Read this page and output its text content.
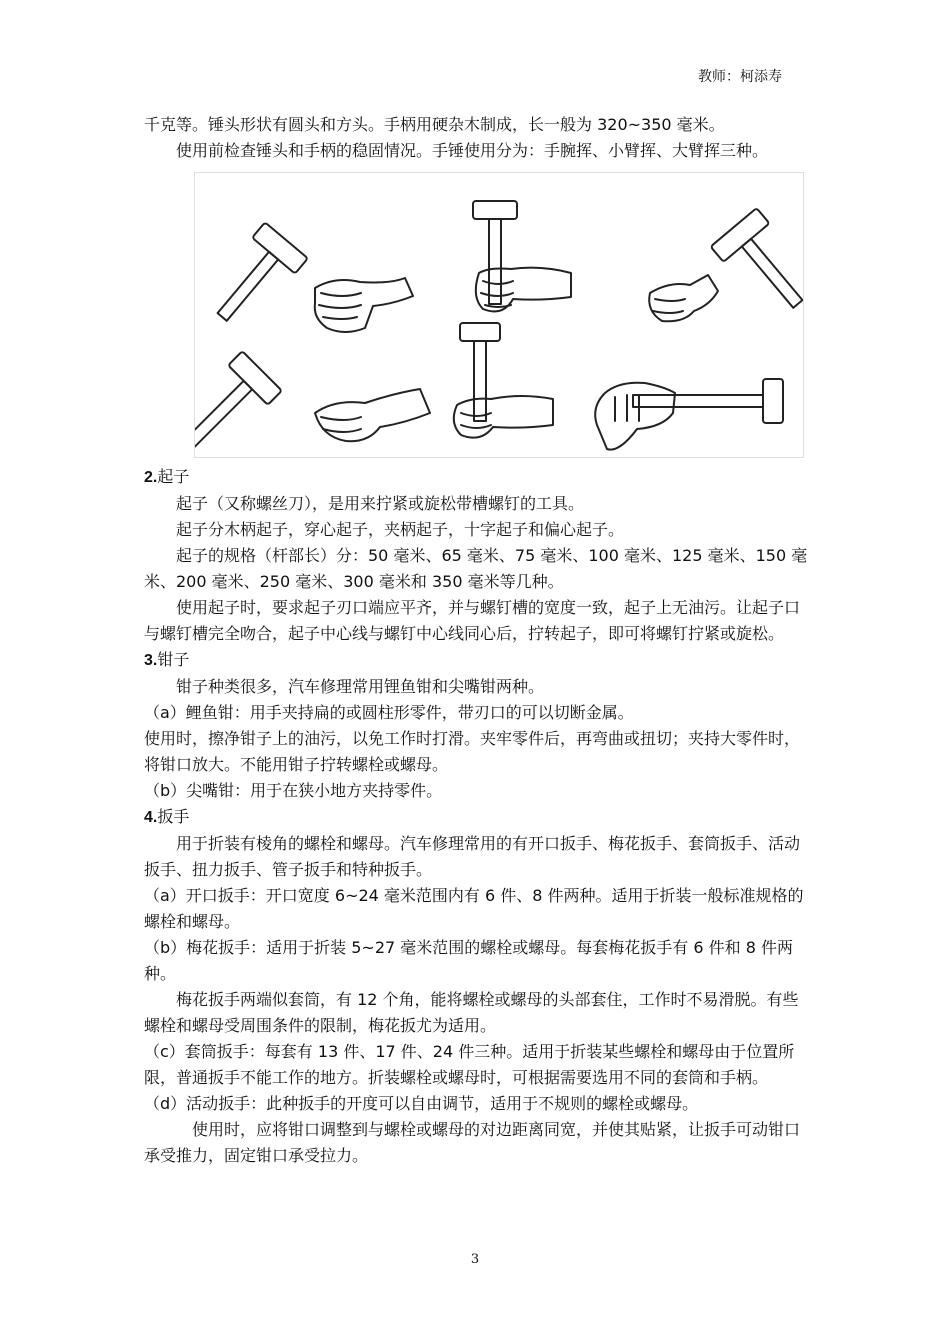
教师：柯添寿

千克等。锤头形状有圆头和方头。手柄用硬杂木制成，长一般为 320~350 毫米。

使用前检查锤头和手柄的稳固情况。手锤使用分为：手腕挥、小臂挥、大臂挥三种。

2.起子

起子（又称螺丝刀），是用来拧紧或旋松带槽螺钉的工具。

起子分木柄起子，穿心起子，夹柄起子，十字起子和偏心起子。

起子的规格（杆部长）分：50 毫米、65 毫米、75 毫米、100 毫米、125 毫米、150 毫米、200 毫米、250 毫米、300 毫米和 350 毫米等几种。

使用起子时，要求起子刃口端应平齐，并与螺钉槽的宽度一致，起子上无油污。让起子口与螺钉槽完全吻合，起子中心线与螺钉中心线同心后，拧转起子，即可将螺钉拧紧或旋松。

3.钳子

钳子种类很多，汽车修理常用锂鱼钳和尖嘴钳两种。

（a）鲤鱼钳：用手夹持扁的或圆柱形零件，带刃口的可以切断金属。

使用时，擦净钳子上的油污，以免工作时打滑。夹牢零件后，再弯曲或扭切；夹持大零件时，将钳口放大。不能用钳子拧转螺栓或螺母。

（b）尖嘴钳：用于在狭小地方夹持零件。

4.扳手

用于折装有棱角的螺栓和螺母。汽车修理常用的有开口扳手、梅花扳手、套筒扳手、活动扳手、扭力扳手、管子扳手和特种扳手。

（a）开口扳手：开口宽度 6~24 毫米范围内有 6 件、8 件两种。适用于折装一般标准规格的螺栓和螺母。

（b）梅花扳手：适用于折装 5~27 毫米范围的螺栓或螺母。每套梅花扳手有 6 件和 8 件两种。

梅花扳手两端似套筒，有 12 个角，能将螺栓或螺母的头部套住，工作时不易滑脱。有些螺栓和螺母受周围条件的限制，梅花扳尤为适用。

（c）套筒扳手：每套有 13 件、17 件、24 件三种。适用于折装某些螺栓和螺母由于位置所限，普通扳手不能工作的地方。折装螺栓或螺母时，可根据需要选用不同的套筒和手柄。

（d）活动扳手：此种扳手的开度可以自由调节，适用于不规则的螺栓或螺母。

使用时，应将钳口调整到与螺栓或螺母的对边距离同宽，并使其贴紧，让扳手可动钳口承受推力，固定钳口承受拉力。

3
